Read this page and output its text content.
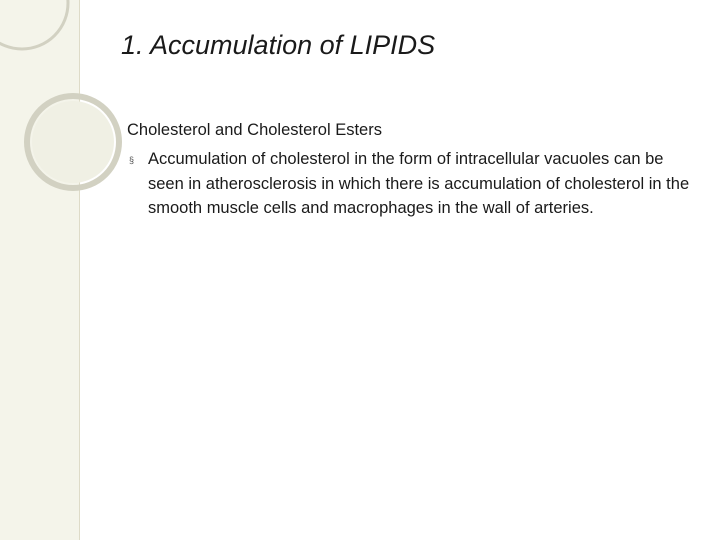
1. Accumulation of LIPIDS

Cholesterol and Cholesterol Esters

§ Accumulation of cholesterol in the form of intracellular vacuoles can be seen in atherosclerosis in which there is accumulation of cholesterol in the smooth muscle cells and macrophages in the wall of arteries.
